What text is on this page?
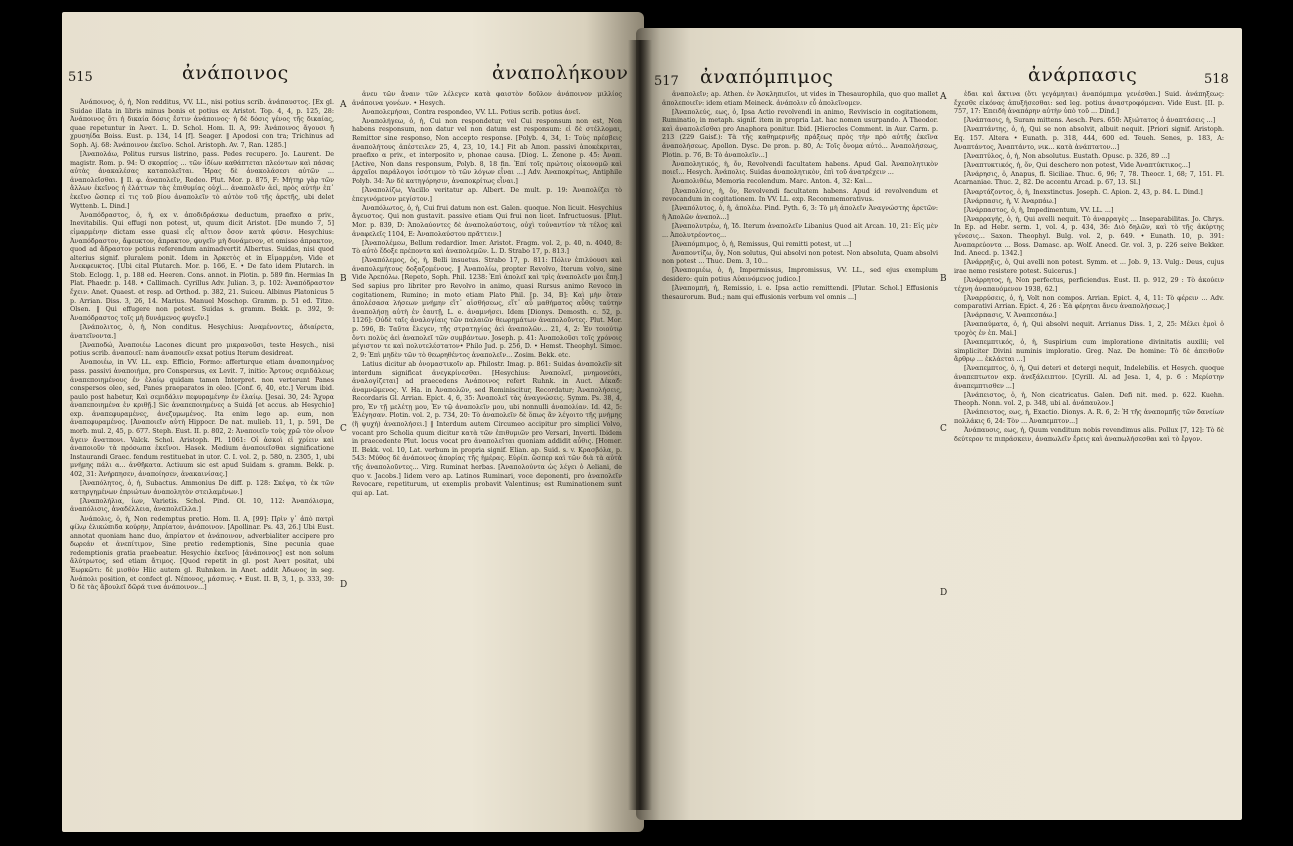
515	ἀνάποινος	ἀναπολήκουν

Ἀνάποινος, ὁ, ἡ, Non redditus, VV. LL., nisi potius scrib. ἀνάπαυστος. [Ex gl. Suidae illata in libris minus bonis et potius ex Aristot. Top. 4, 4, p. 125, 28: Ἀνάποινος ὅτι ἡ δικαία δόσις ἔστιν ἀνάποινος· ἡ δὲ δόσις γένος τῆς δικαίας, quae repetuntur in Ἀνατ. L. D. Schol. Hom. Il. A, 99: Ἀνάποινος ἄγουσι ἢ χρυσηίδα Boiss. Eust. p. 134, 14 [f]. Seager. ‖ Apodosi con tra; Trichinus ad Soph. Aj. 68: Ἀνάποινον ἐκεῖνο. Schol. Aristoph. Av. 7, Ran. 1285.]

[Ἀναπολάω, Politus rursus listrino, pass. Pedes recupero. Jo. Laurent. De magistr. Rom. p. 94: Ὁ σκορπίος ... τῶν ἰδίων καθάπτεται πλεόντων καὶ πάσας αὐτὰς ἀνακαλέσας καταπολεῖται. Ἤρας δὲ ἀνακολάσεσι αὐτῶν ... ἀναπολεῖσθαι. ‖ Il. φ. ἀναπολεῖν, Redeo. Plut. Mor. p. 875, F: Μήτηρ γὰρ τῶν ἄλλων ἐκεῖνος ἡ ἐλάττων τὰς ἐπιθυμίας οὐχὶ... ἀναπολεῖν ἀεὶ, πρὸς αὐτὴν ἐπ᾽ ἐκεῖνο ὥσπερ εἰ τις τοῦ βίου ἀναπολεῖν τὸ αὐτὸν τοῦ τῆς ἀρετῆς, ubi delet Wyttenb. L. Dind.]

Ἀναπόδραστος, ὁ, ἡ, ex v. ἀποδιδράσκω deductum, praefixo α priv., Inevitabilis. Qui effugi non potest, ut, quum dicit Aristot. [De mundo 7, 5] εἱμαρμένην dictam esse quasi εἶς αἴτιον ὅσον κατὰ φύσιν. Hesychius: Ἀναπόδραστον, ἄφευκτον, ἀπρακτον, φυγεῖν μὴ δυνάμενον, et omisso ἀπρακτον, quod ad ἄδραστον potius referendum animadvertit Albertus. Suidas, nisi quod alterius signif. pluralem ponit. Idem in Ἀρκετὸς et in Εἱμαρμένη. Vide et Ἀνεκφευκτος. [Ubi cital Plutarch. Mor. p. 166, E. • De fato idem Plutarch. in Stob. Eclogg. 1, p. 188 ed. Heeren. Cons. annot. in Plotin. p. 589 fin. Hermias In Plat. Phaedr. p. 148. • Callimach. Cyrillus Adv. Julian. 3, p. 102: Ἀναπόδραστον ἔχειν. Anet. Quaest. et resp. ad Orthod. p. 382, 21. Suiceu. Albinus Platonicus 5 p. Arrian. Diss. 3, 26, 14. Marius. Manuel Moschop. Gramm. p. 51 ed. Titze. Olsen. ‖ Qui effugere non potest. Suidas s. gramm. Bekk. p. 392, 9: Ἀναπόδραστος τοῖς μὴ δυνάμενος φυγεῖν.]

[Ἀνάπολιτος, ὁ, ἡ, Non conditus. Hesychius: Ἀναμένοντες, ἀδιαίρετα, ἀνατεῖνοντα.]

[Ἀναποδώ, Ἀναποιέω Lacones dicunt pro μικρανοῦσι, teste Hesych., nisi potius scrib. ἀναποιεῖ: nam ἀναποιεῖν exsat potius Iterum desidreat.

Ἀναποιέω, in VV. LL. exp. Efficio, Formo: afferturque etiam ἀναποιημένος pass. passivi ἀναποιήμα, pro Conspersus, ex Levit. 7, initio: Ἄρτους σεμιδάλεως ἀναπεποιημένους ἐν ἐλαίῳ quidam tamen Interpret. non verterunt Panes conspersos oleo, sed, Panes praeparatos in oleo. [Conf. 6, 40, etc.] Verum ibid. paulo post habetur, Καὶ σεμιδάλιν πεφυραμένην ἐν ἐλαίῳ. [Jesai. 30, 24: Ἄχυρα ἀναπεποιημένα ἐν κριθῇ.] Sic ἀναπεποιημένες a Suidá [et accus. ab Hesychio] exp. ἀναπεφυραμένες, ἀνεζυμωμένος. Ita enim lego ap. eum, non ἀναπεφυραμένος. [Ἀναποιεῖν αὐτὴ Hippocr. De nat. mulieb. 11, 1, p. 591, De morb. mul. 2, 45, p. 677. Steph. Eust. II. p. 802, 2: Ἀναποιεῖν τοὺς χρῶ τὸν οἶνον ἄγειν ἄνατπονι. Valck. Schol. Aristoph. Pl. 1061: Οἱ ἀσκοὶ εἰ χρίειν καὶ ἀναποιοῦν τὰ πρόσωπα ἐκεῖνοι. Hasek. Medium ἀναποιεῖσθαι significatione Instaurandi Graec. fendum restituebat in utor. C. I. vol. 2, p. 580, n. 2305, 1, ubi μνήμης πάλι α... ἀνθῆκατα. Actiuum sic est apud Suidam s. gramm. Bekk. p. 402, 31: Ἀνήρπησεν, ἀναποίησεν, ἀνακαινίσας.]

[Ἀναπόλητος, ὁ, ἡ, Subactus. Ammonius De diff. p. 128: Σκέψα, τὸ ἐκ τῶν κατηργημένων ἐπριώτων ἀναπολητὸν στειλαμένων.]

[Ἀναπολήλια, ίων, Varietis. Schol. Pind. Ol. 10, 112: Ἀναπόλισμα, ἀναπόλισις, ἀναδέλλεια, ἀναπολεῖλλα.]

Ἀνάπολις, ὁ, ἡ, Non redemptus pretio. Hom. Il. A, [99]: Πρὶν γ᾽ ἀπὸ πατρὶ φίλῳ ἐλικώπιδα κούρην, Ἀπρίατον, ἀνάποινον. [Apollinar. Ps. 43, 26.] Ubi Eust. annotat quoniam hanc duo, ἀπρίατον et ἀνάποινον, adverbialiter accipere pro δωρεάν et ἀνεπίτιμον, Sine pretio redemptionis, Sine pecunia quae redemptionis gratia praebeatur. Hesychio ἐκεῖνος [ἀνάποινος] est non solum ἄλύτρωτος, sed etiam ἄτιμος. [Quod repetit in gl. post Ἀνατ positat, ubi Ἐωρκῶτι: δὲ μισθὸν Hiic autem gl. Ruhnken. in Anet. addit Ἀδωνος in seg. Ἀνάπολι position, et confect gl. Νέπονος, μάσπινς. • Eust. II. B, 3, 1, p. 333, 39: Ὁ δὲ τὰς ἄβουλεῖ δῶρά τινα ἀνάποινον...]

A
B
C
D

ἀνευ τῶν ἄναιν τῶν λέλεγεν κατὰ φαιστὸν δοῦλον ἀνάποινον μιλλίος ἀνάποινα γονέων. • Hesych.

Ἀναπολεμήσαι, Contra respondeo, VV. LL. Potius scrib. potius ἀνεῖ.

Ἀναπολήγεω, ὁ, ἡ, Cui non respondetur, vel Cui responsum non est, Non habens responsum, non datur vel non datum est responsum: εἰ δὲ στέλλομαι, Remittor sine responso, Non accepto response. [Polyb. 4, 34, 1: Τοὺς πρέσβεις ἀναπολήτους ἀπέστειλεν 25, 4, 23, 10, 14.] Fit ab Ἀποπ. passivi ἀποκέκριται, praefixo α priv., et interposito ν, phonae causa. [Diog. L. Zenone p. 45: Ἀναπ. [Active, Non dans responsum, Polyb. 8, 18 fin. Ἐπί τοῖς πρώτοις οἰκονομῶ καὶ ἀρχαῖοι παράλογοι ἰσότιμον τὸ τῶν λόγων εἶναι ...] Adv. Ἀναποκρίτως, Antiphile Polyb. 34: Ἄν δὲ κατηγόρησιν, ἀναποκρίτως εἶναι.]

[Ἀναπολίζω, Vacillo veritatur ap. Albert. De mult. p. 19: Ἀναπολίζει τὸ ἐπεγινόμενον μεγίστον.]

Ἀναπόλωτος, ὁ, ἡ, Cui frui datum non est. Galen. quoque. Non licuit. Hesychius ἄγευστος. Qui non gustavit. passive etiam Qui frui non licet. Infructuosus. [Plut. Mor. p. 839, D: Ἀπολαύοντες δὲ ἀναπολαύστοις, οὐχὶ τοὐναντίον τὰ τέλος καὶ ἀναφελεῖς 1104, E: Ἀναπολαύστου πρᾶττειν.]

[Ἀναπολέμεω, Bellum redardior. Imer. Aristot. Fragm. vol. 2, p. 40, n. 4040, 8: Τὸ αὐτὸ ἔδοξε πρέποντα καὶ ἀναπολεμῶν. L. D. Strabo 17, p. 813.]

[Ἀναπόλεμος, ὁς, ἡ, Belli insuetus. Strabo 17, p. 811: Πόλιν ἐπιλύουσι καὶ ἀναπολεμήτους δοξαζομένους. ‖ Ἀναπολίω, propter Revolvo, Iterum volvo, sine Vide Ἀρεπόλω. [Repeto, Soph. Phil. 1238: Ἐπὶ ἀπολεῖ καὶ τρὶς ἀναπολεῖν μοι ἔπη.] Sed sapius pro libriter pro Revolvo in animo, quasi Rursus animo Revoco in cogitationem, Rumino; in moto etiam Plato Phil. [p. 34, B]: Καὶ μὴν ὅταν ἀπολέσασα λήσεων μνήμην εἴτ᾽ αἰσθήσεως, εἴτ᾽ αὖ μαθήματος αὖθις ταύτην ἀναπολήσῃ αὐτὴ ἐν ἑαυτῇ, L. e. ἀναμνήσει. Idem [Dionys. Demosth. c. 52, p. 1126]: Οὐδὲ ταῖς ἀναλογίαις τῶν παλαιῶν θεωρημάτων ἀναπολοῦντες. Plut. Mor. p. 596, B: Ταῦτα ἔλεγεν, τῆς στρατηγίας ἀεὶ ἀναπολῶν... 21, 4, 2: Ἐν τοιούτῳ ὄντι πολὺς ἀεὶ ἀναπολεῖ τῶν συμβάντων. Joseph. p. 41: Ἀναπολοῦσι τοῖς χρόνοις μέγιστον τε καὶ πολυτελέστατον• Philo Jud. p. 256, D. • Hemst. Theophyl. Simoc. 2, 9: Ἐπὶ μηδὲν τῶν τὸ θεωρηθέντος ἀναπολεῖν... Zosim. Bekk. etc.

Latius dicitur ab ὀνομαστικοῖν ap. Philostr. Imag. p. 861: Suidas ἀναπολεῖν sit interdum significat ἀνεγκρίνεσθαι. [Hesychius: Ἀναπολεῖ, μνημονεύει, ἀναλογίζεται] ad praecedens Ἀνάποινος refert Ruhnk. in Auct. Δέκαδ: ἀναμνῶμενος. V. Ha. in Ἀναπολῶν, sed Reminiscitur, Recordatur; Ἀναπολήσεις, Recordaris Gl. Arrian. Epict. 4, 6, 35: Ἀναπολεῖ τὰς ἀναγνώσεις. Symm. Ps. 38, 4, pro, Ἐν τῇ μελέτῃ μου, Ἐν τῷ ἀναπολεῖν μου, ubi nonnulli ἀναπολίαν. Id. 42, 5: Ἐλέγησαν. Plotin. vol. 2, p. 734, 20: Τὸ ἀναπολεῖν δὲ ὅπως ἂν λέγοιτο τῆς μνήμης (ἢ ψυχή) ἀναπολήσει.] ‖ Interdum autem Circumeo accipitur pro simplici Volvo, vocant pro Scholia quum dicitur κατὰ τῶν ἐπιθυμιῶν pro Versari, Inverti. Ibidem in praecedente Plut. locus vocat pro ἀναπολεῖται quoniam addidit αὖθις. [Homer. II. Bekk. vol. 10, Lat. verbum in propria signif. Elian. ap. Suid. s. v. Κρασβόλα, p. 543: Μύθος δὲ ἀνάποινος ἀπορίας τῆς ἡμέρας. Εὐρίπ. ὥσπερ καὶ τῶν διὰ τὰ αὐτὰ τῆς ἀναπολοῦντες... Virg. Ruminat herbas. [Ἀναπολούντα ὡς λέγει ὁ Aeliani, de quo v. Jacobs.] Iidem vero ap. Latinos Ruminari, voce deponenti, pro ἀναπολεῖν Revocare, repetiturum, ut exemplis probavit Valentinus; est Ruminationem sunt qui ap. Lat.

517 ἀναπόμπιμος	ἀνάρπασις	518

ἀναπολεῖν; ap. Athen. ἐν Ἀσκληπιεῖοι, ut vides in Thesaurophila, quo quo mallet ἀπολεποιεῖν: idem etiam Meineck. ἀνάπολιν εὖ ἀπολεῖνομεν.

[Ἀναπολεύς, εως, ὁ, Ipsa Actio revolvendi in animo, Reviviscio in cogitationem, Ruminatio, in metaph. signif. item in propria Lat. hac nomen usurpando. A Theodor. καὶ ἀναπολεῖσθαι pro Anaphora ponitur. Ibid. [Hierocles Comment. in Aur. Carm. p. 213 (229 Gaisf.): Τὰ τῆς καθημερινῆς πράξεως πρὸς τὴν πρὸ αὐτῆς ἐκεῖνα ἀναπολήσεως. Apollon. Dysc. De pron. p. 80, A: Τοῖς ὄνομα αὐτό... Ἀναπολήσεως, Plotin. p. 76, B: Τὸ ἀναπολεῖν...]

Ἀναπολητικός, ἡ, ὄν, Revolvendi facultatem habens. Apud Gal. Ἀναπολητικὸν ποιεῖ... Hesych. Ἀνάπολις. Suidas ἀναπολητικὸν, ἐπὶ τοῦ ἀνατρέχειν ...

Ἀναπολιθέω, Memoria recolendum. Marc. Anton. 4, 32: Καὶ...

[Ἀναπολίσις, ἡ, ὄν, Revolvendi facultatem habens. Apud id revolvendum et revocandum in cogitationem. In VV. LL. exp. Recommemorativus.

[Ἀναπόλυτος, ὁ, ἡ, ἀπολέω. Pind. Pyth. 6, 3: Τὸ μὴ ἀπολεῖν Ἀναγνώστης ἀρετῶν: ἡ Ἀπολῶν ἀναπολ...]

[Ἀναπολυτρέω, ἡ, Ἰδ. Iterum ἀναπολεῖν Libanius Quod ait Arcan. 10, 21: Εἰς μὲν ... Ἀπολυτρέοντος...

[Ἀναπόμπιμος, ὁ, ἡ, Remissus, Qui remitti potest, ut ...]

Ἀναποντίζω, ὄγ, Non solutus, Qui absolvi non potest. Non absoluta, Quam absolvi non potest ... Thuc. Dem. 3, 10...

[Ἀναπομιέω, ὁ, ἡ, Impermissus, Impromissus, VV. LL., sed ejus exemplum desidero: quin potius Αὐαινόμενος judico.]

[Ἀναπομπή, ἡ, Remissio, i. e. Ipsa actio remittendi. [Plutar. Schol.] Effusionis thesaurorum. Bud.; nam qui effusionis verbum vel omnis ...]

A
B
C
D

ἐδαι καὶ ἄκτινα (ὅτι γεγάμηται) ἀναπόμπιμα γενέσθαι.] Suid. ἀνάπηξεως: ἔχεσθε εἰκόνας ἀπυξήσεσθαι: sed leg. potius ἀναστροφόμεναι. Vide Eust. [II. p. 757, 17: Ἐπειδὴ ἀναπάρην αὐτὴν ὑπὸ τοῦ ... Dind.]

[Ἀνάπτασις, ἡ, Suram mittens. Aesch. Pers. 650: Ἀξιώτατος ὁ ἀναπτάσεις ...]

[Ἀναπτάντης, ὁ, ἡ, Qui se non absolvit, albuit nequit. [Priori signif. Aristoph. Eq. 157. Altera • Eunath. p. 318, 444, 600 ed. Teueh. Senes, p. 183, A: Ἀναπτάντος, Ἀναπτάντο, νικ... κατὰ ἀνάπτατον...]

[Ἀναπτύλος, ὁ, ἡ, Non absolutus. Eustath. Opusc. p. 326, 89 ...]

[Ἀναπτυκτικός, ἡ, ὄν, Qui deschero non potest, Vide Ἀναπτύκτικος...]

[Ἀνάρησις, ὁ, Anapus, fl. Siciliae. Thuc. 6, 96; 7, 78. Theocr. 1, 68; 7, 151. Fl. Acarnaniae. Thuc. 2, 82. De accentu Arcad. p. 67, 13. Sl.]

[Ἀναρτάζοντος, ὁ, ἡ, Inexstinctus. Joseph. C. Apion. 2, 43, p. 84. L. Dind.]

[Ἀνάρπασις, ἡ, V. Ἀναρπάω.]

[Ἀνάρπαστος, ὁ, ἡ, Impedimentum, VV. LL. ...]

[Ἀναρραγής, ὁ, ἡ, Qui avelli nequit. Τὸ ἀναρραγὲς ... Inseparabilitas. Jo. Chrys. In Ep. ad Hebr. serm. 1, vol. 4, p. 434, 36: Διὸ δηλῶν, καὶ τὸ τῆς ἀκύρτης γένεσις... Saxon. Theophyl. Bulg. vol. 2, p. 649. • Eunath. 10, p. 391: Ἀναπαρεύοντα ... Boss. Damasc. ap. Wolf. Anecd. Gr. vol. 3, p. 226 seive Bekker. Ind. Anecd. p. 1342.]

[Ἀνάρρηξις, ὁ, Qui avelli non potest. Symm. et ... Job. 9, 13. Vulg.: Deus, cujus irae nemo resistere potest. Suicerus.]

[Ἀνάρρητος, ἡ, Non perfectus, perficiendus. Eust. II. p. 912, 29 : Τὸ ἀκούειν τέχνη ἀναπαυόμενον 1938, 62.]

[Ἀναρρύσεις, ὁ, ἡ, Volt non compos. Arrian. Epict. 4, 4, 11: Τὸ φέρειν ... Adv. comparativi Arrian. Epict. 4, 26 : Ἐὰ φέρηται ἄνευ ἀναπολήσεως.]

[Ἀνάρπασις, V. Ἀναπεσπάω.]

[Ἀναπαύματα, ὁ, ἡ, Qui absolvi nequit. Arrianus Diss. 1, 2, 25: Μέλει ἐμοὶ ὁ τροχὸς ἐν ἐπ. Mai.]

[Ἀναπεμπτικός, ὁ, ἡ, Suspirium cum imploratione divinitatis auxilii; vel simpliciter Divini numinis imploratio. Greg. Naz. De homine: Τὸ δὲ ἀπειθοῦν ἄρθρῳ ... ἐκλάεται ...]

[Ἀναπεμπτος, ὁ, ἡ, Qui deteri et detergi nequit, Indelebilis. et Hesych. quoque ἀναπεπτωτον exp. ἀνεξάλειπτον. [Cyrill. Al. ad Jesa. 1, 4, p. 6 : Μερίστην ἀναπεμπτισθεν ...]

[Ἀνάπειστος, ὁ, ἡ, Non cicatricatus. Galen. Defi nit. med. p. 622. Kuehn. Theoph. Nonn. vol. 2, p. 348, ubi al. ἀνάπαυλον.]

[Ἀνάπειστος, εως, ἡ, Exactio. Dionys. A. R. 6, 2: Ἡ τῆς ἀναπομπῆς τῶν δανείων πολλάκις 6, 24: Τὸν ... Ἀναπεμπτον...]

Ἀνάπαυσις, εως, ἡ, Quum venditum nobis revendimus alis. Pollux [7, 12]: Τὸ δὲ δεύτερον τε πιπράσκειν, ἀναπωλεῖν ἔρεις καὶ ἀναπωλήσεσθαι καὶ τὸ ἔργον.
